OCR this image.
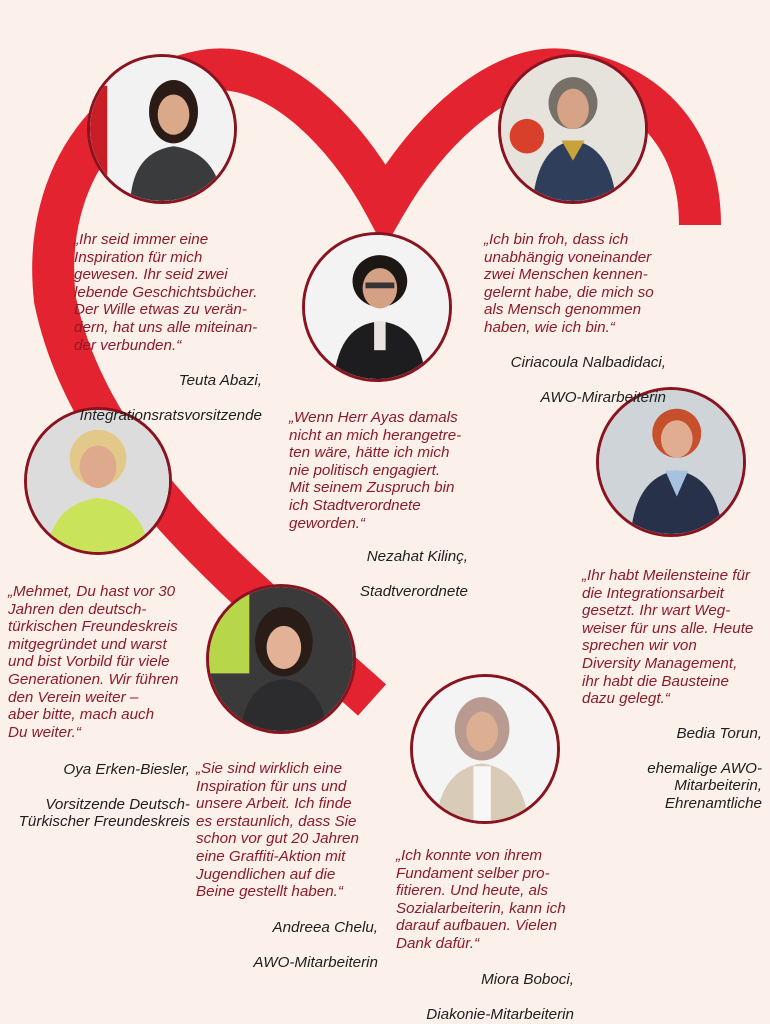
„Ihr seid immer eine
Inspiration für mich
gewesen. Ihr seid zwei
lebende Geschichtsbücher.
Der Wille etwas zu verän-
dern, hat uns alle miteinan-
der verbunden.“

Teuta Abazi,

Integrationsratsvorsitzende

„Ich bin froh, dass ich
unabhängig voneinander
zwei Menschen kennen-
gelernt habe, die mich so
als Mensch genommen
haben, wie ich bin.“

Ciriacoula Nalbadidaci,

AWO-Mirarbeiterin

„Wenn Herr Ayas damals
nicht an mich herangetre-
ten wäre, hätte ich mich
nie politisch engagiert.
Mit seinem Zuspruch bin
ich Stadtverordnete
geworden.“

Nezahat Kilinç,

Stadtverordnete

„Mehmet, Du hast vor 30
Jahren den deutsch-
türkischen Freundeskreis
mitgegründet und warst
und bist Vorbild für viele
Generationen. Wir führen
den Verein weiter –
aber bitte, mach auch
Du weiter.“

Oya Erken-Biesler,

Vorsitzende Deutsch-
Türkischer Freundeskreis

„Ihr habt Meilensteine für
die Integrationsarbeit
gesetzt. Ihr wart Weg-
weiser für uns alle. Heute
sprechen wir von
Diversity Management,
ihr habt die Bausteine
dazu gelegt.“

Bedia Torun,

ehemalige AWO-
Mitarbeiterin,
Ehrenamtliche

„Sie sind wirklich eine
Inspiration für uns und
unsere Arbeit. Ich finde
es erstaunlich, dass Sie
schon vor gut 20 Jahren
eine Graffiti-Aktion mit
Jugendlichen auf die
Beine gestellt haben.“

Andreea Chelu,

AWO-Mitarbeiterin

„Ich konnte von ihrem
Fundament selber pro-
fitieren. Und heute, als
Sozialarbeiterin, kann ich
darauf aufbauen. Vielen
Dank dafür.“

Miora Boboci,

Diakonie-Mitarbeiterin
